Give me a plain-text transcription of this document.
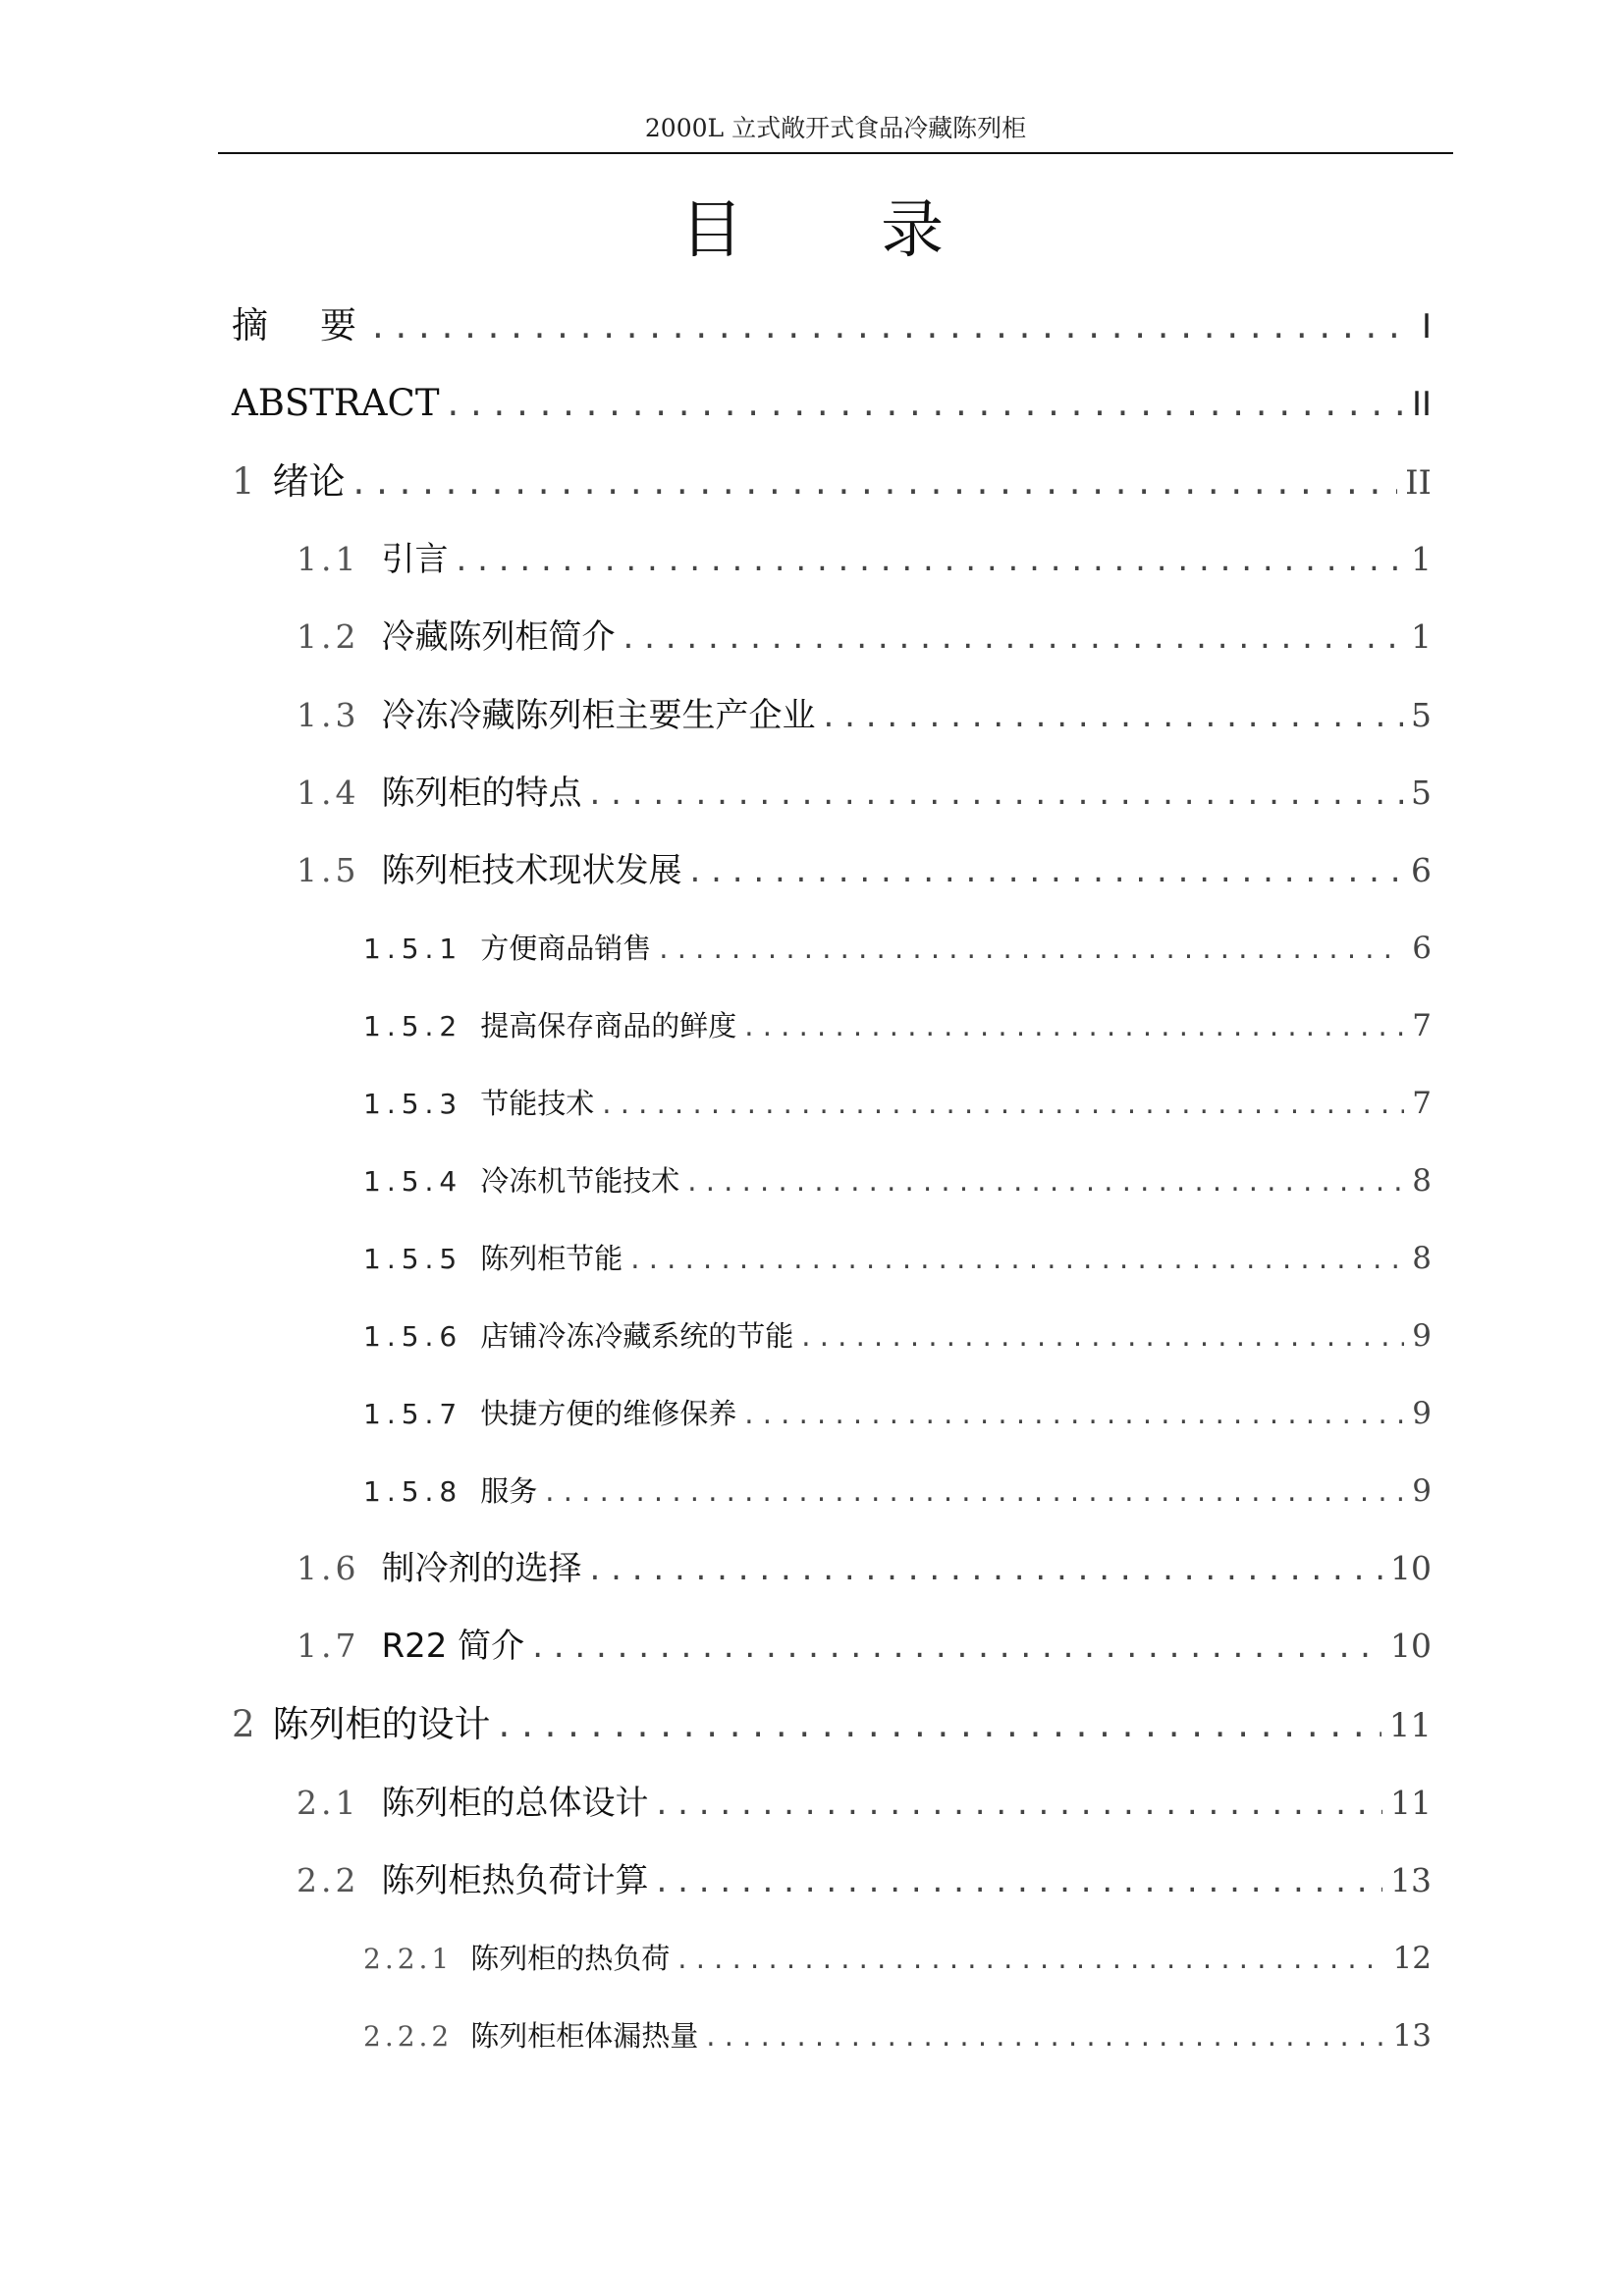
2000L 立式敞开式食品冷藏陈列柜
目 录
摘　要 . . .	I
ABSTRACT . . .	II
1 绪论 . . .	II
1.1 引言 . . .	1
1.2 冷藏陈列柜简介 . . .	1
1.3 冷冻冷藏陈列柜主要生产企业 . . .	5
1.4 陈列柜的特点 . . .	5
1.5 陈列柜技术现状发展 . . .	6
1.5.1 方便商品销售 . . .	6
1.5.2 提高保存商品的鲜度 . . .	7
1.5.3 节能技术 . . .	7
1.5.4 冷冻机节能技术 . . .	8
1.5.5 陈列柜节能 . . .	8
1.5.6 店铺冷冻冷藏系统的节能 . . .	9
1.5.7 快捷方便的维修保养 . . .	9
1.5.8 服务 . . .	9
1.6 制冷剂的选择 . . .	10
1.7 R22 简介 . . .	10
2 陈列柜的设计 . . .	11
2.1 陈列柜的总体设计 . . .	11
2.2 陈列柜热负荷计算 . . .	13
2.2.1 陈列柜的热负荷 . . .	12
2.2.2 陈列柜柜体漏热量 . . .	13
